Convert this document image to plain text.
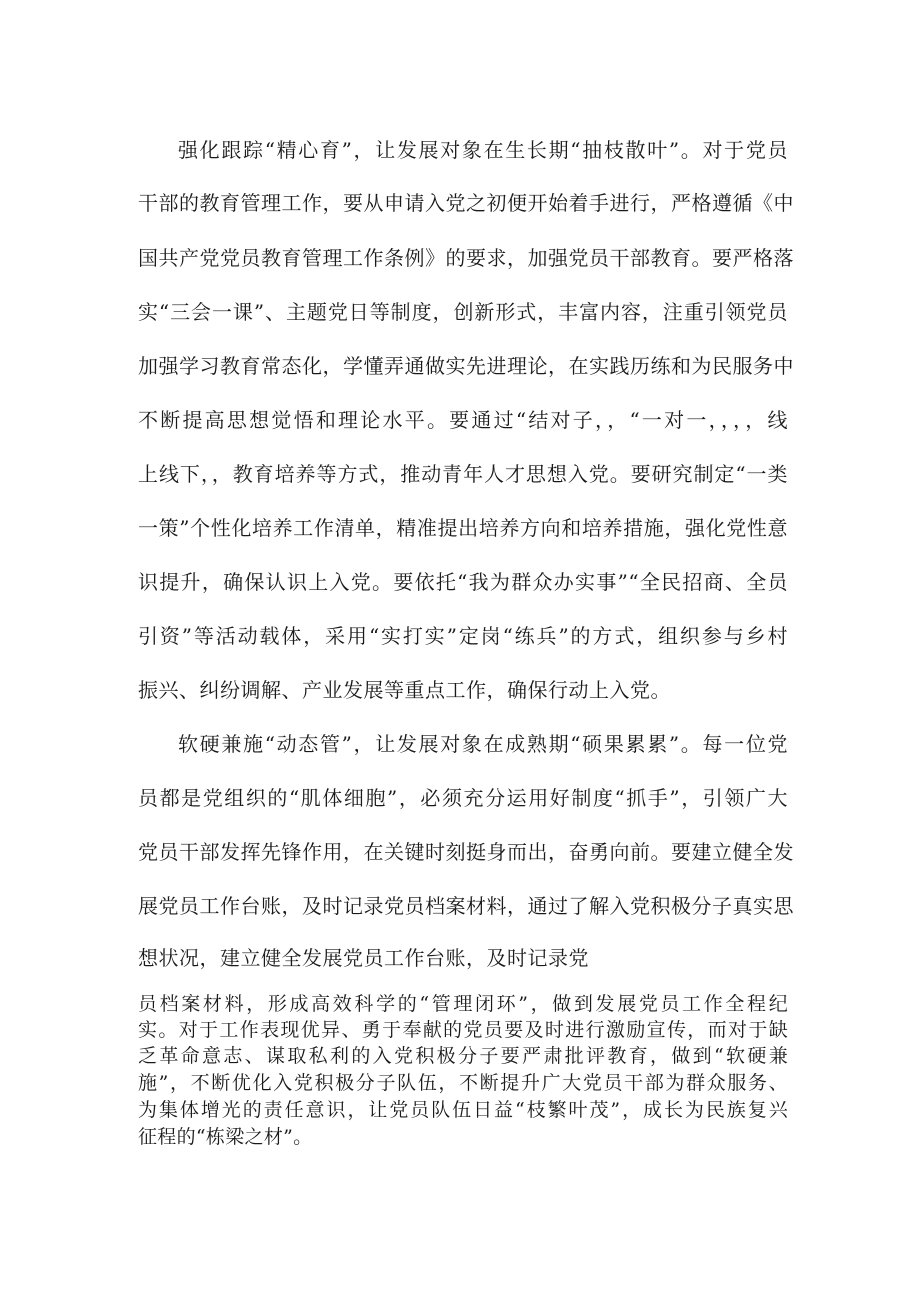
强化跟踪“精心育”，让发展对象在生长期“抽枝散叶”。对于党员
干部的教育管理工作，要从申请入党之初便开始着手进行，严格遵循《中
国共产党党员教育管理工作条例》的要求，加强党员干部教育。要严格落
实“三会一课”、主题党日等制度，创新形式，丰富内容，注重引领党员
加强学习教育常态化，学懂弄通做实先进理论，在实践历练和为民服务中
不断提高思想觉悟和理论水平。要通过“结对子，，“一对一，，，，线
上线下，，教育培养等方式，推动青年人才思想入党。要研究制定“一类
一策”个性化培养工作清单，精准提出培养方向和培养措施，强化党性意
识提升，确保认识上入党。要依托“我为群众办实事”“全民招商、全员
引资”等活动载体，采用“实打实”定岗“练兵”的方式，组织参与乡村
振兴、纠纷调解、产业发展等重点工作，确保行动上入党。
软硬兼施“动态管”，让发展对象在成熟期“硕果累累”。每一位党
员都是党组织的“肌体细胞”，必须充分运用好制度“抓手”，引领广大
党员干部发挥先锋作用，在关键时刻挺身而出，奋勇向前。要建立健全发
展党员工作台账，及时记录党员档案材料，通过了解入党积极分子真实思
想状况，建立健全发展党员工作台账，及时记录党
员档案材料，形成高效科学的“管理闭环”，做到发展党员工作全程纪
实。对于工作表现优异、勇于奉献的党员要及时进行激励宣传，而对于缺
乏革命意志、谋取私利的入党积极分子要严肃批评教育，做到“软硬兼
施”，不断优化入党积极分子队伍，不断提升广大党员干部为群众服务、
为集体增光的责任意识，让党员队伍日益“枝繁叶茂”，成长为民族复兴
征程的“栋梁之材”。
